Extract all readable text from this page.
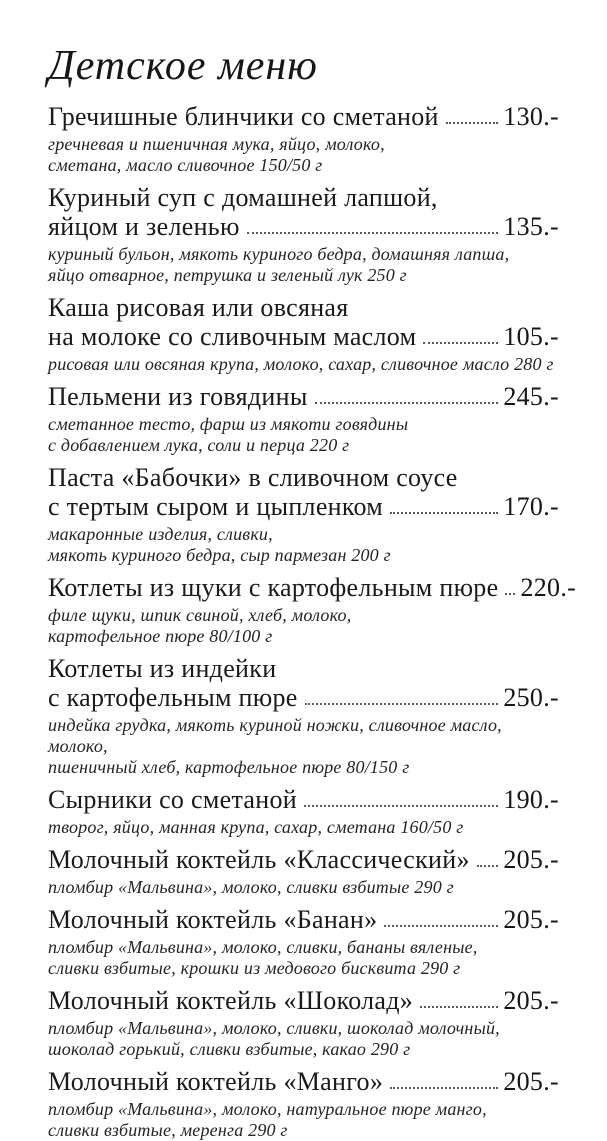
Детское меню
Гречишные блинчики со сметаной 130.-
гречневая и пшеничная мука, яйцо, молоко,
сметана, масло сливочное 150/50 г
Куриный суп с домашней лапшой,
яйцом и зеленью	135.-
куриный бульон, мякоть куриного бедра, домашняя лапша,
яйцо отварное, петрушка и зеленый лук 250 г
Каша рисовая или овсяная
на молоке со сливочным маслом	105.-
рисовая или овсяная крупа, молоко, сахар, сливочное масло 280 г
Пельмени из говядины	245.-
сметанное тесто, фарш из мякоти говядины
с добавлением лука, соли и перца 220 г
Паста «Бабочки» в сливочном соусе
с тертым сыром и цыпленком	170.-
макаронные изделия, сливки,
мякоть куриного бедра, сыр пармезан 200 г
Котлеты из щуки с картофельным пюре 220.-
филе щуки, шпик свиной, хлеб, молоко,
картофельное пюре 80/100 г
Котлеты из индейки
с картофельным пюре	250.-
индейка грудка, мякоть куриной ножки, сливочное масло, молоко,
пшеничный хлеб, картофельное пюре 80/150 г
Сырники со сметаной	190.-
творог, яйцо, манная крупа, сахар, сметана 160/50 г
Молочный коктейль «Классический» 205.-
пломбир «Мальвина», молоко, сливки взбитые 290 г
Молочный коктейль «Банан»	205.-
пломбир «Мальвина», молоко, сливки, бананы вяленые,
сливки взбитые, крошки из медового бисквита 290 г
Молочный коктейль «Шоколад»	205.-
пломбир «Мальвина», молоко, сливки, шоколад молочный,
шоколад горький, сливки взбитые, какао 290 г
Молочный коктейль «Манго»	205.-
пломбир «Мальвина», молоко, натуральное пюре манго,
сливки взбитые, меренга 290 г
